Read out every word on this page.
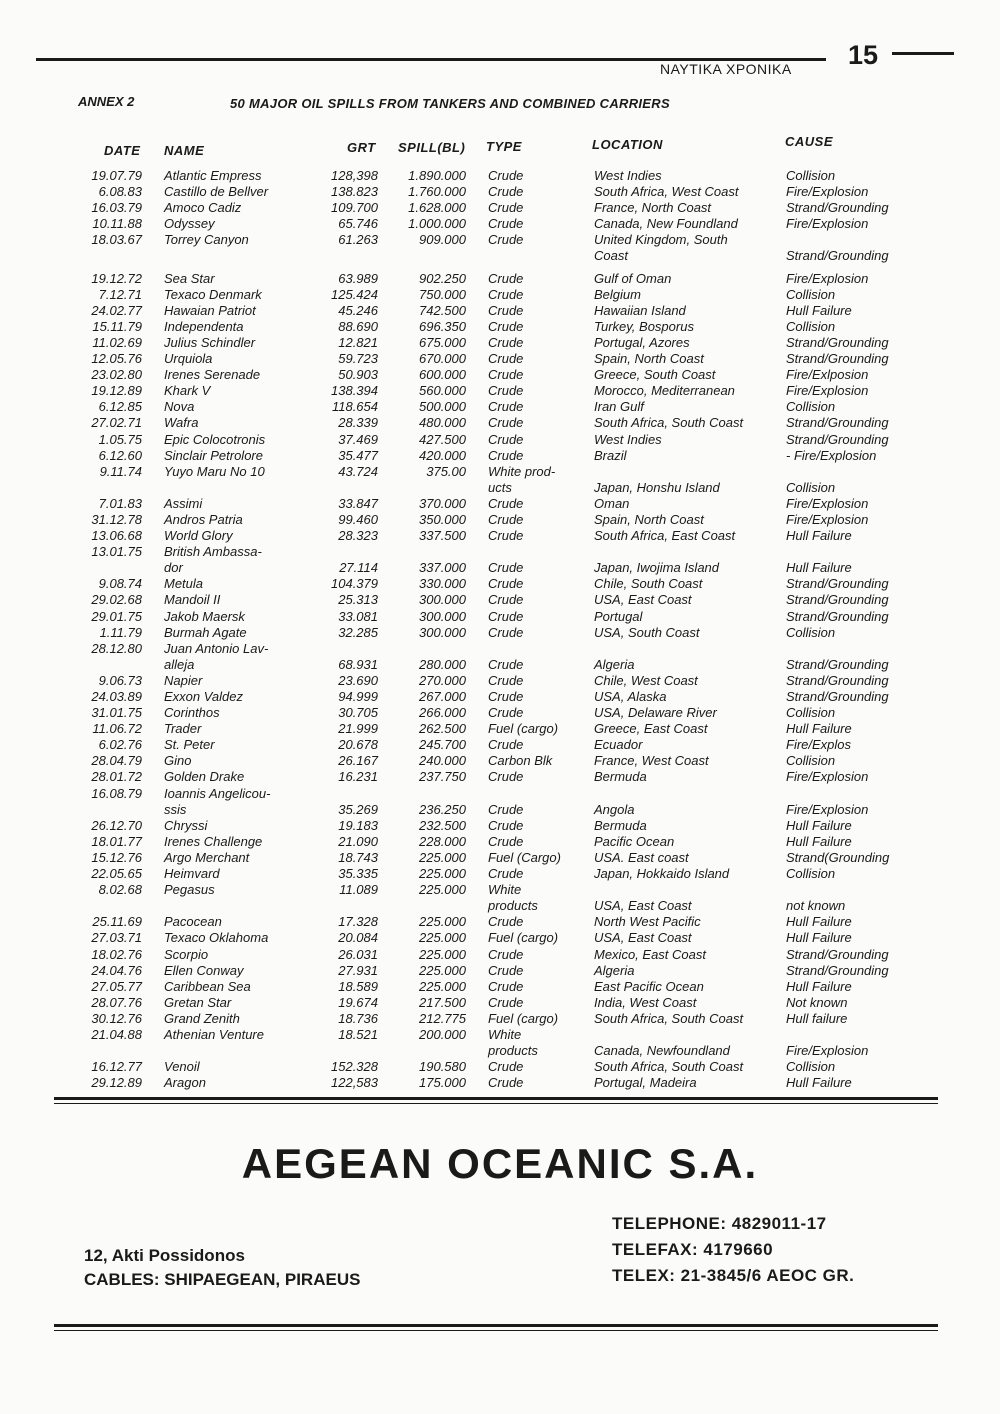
ΝΑΥΤΙΚΑ ΧΡΟΝΙΚΑ 15
ANNEX 2	50 MAJOR OIL SPILLS FROM TANKERS AND COMBINED CARRIERS
DATE NAME	GRT SPILL(BL) TYPE	LOCATION	CAUSE
19.07.79 Atlantic Empress	128,398	1.890.000 Crude	West Indies	Collision
6.08.83 Castillo de Bellver	138.823	1.760.000 Crude	South Africa, West Coast	Fire/Explosion
16.03.79 Amoco Cadiz	109.700	1.628.000 Crude	France, North Coast	Strand/Grounding
10.11.88 Odyssey	65.746	1.000.000 Crude	Canada, New Foundland	Fire/Explosion
18.03.67 Torrey Canyon	61.263	909.000 Crude	United Kingdom, South
Coast	Strand/Grounding
19.12.72 Sea Star	63.989	902.250 Crude	Gulf of Oman	Fire/Explosion
7.12.71 Texaco Denmark	125.424	750.000 Crude	Belgium	Collision
24.02.77 Hawaian Patriot	45.246	742.500 Crude	Hawaiian Island	Hull Failure
15.11.79 Independenta	88.690	696.350 Crude	Turkey, Bosporus	Collision
11.02.69 Julius Schindler	12.821	675.000 Crude	Portugal, Azores	Strand/Grounding
12.05.76 Urquiola	59.723	670.000 Crude	Spain, North Coast	Strand/Grounding
23.02.80 Irenes Serenade	50.903	600.000 Crude	Greece, South Coast	Fire/Exlposion
19.12.89 Khark V	138.394	560.000 Crude	Morocco, Mediterranean	Fire/Explosion
6.12.85 Nova	118.654	500.000 Crude	Iran Gulf	Collision
27.02.71 Wafra	28.339	480.000 Crude	South Africa, South Coast	Strand/Grounding
1.05.75 Epic Colocotronis	37.469	427.500 Crude	West Indies	Strand/Grounding
6.12.60 Sinclair Petrolore	35.477	420.000 Crude	Brazil	- Fire/Explosion
9.11.74 Yuyo Maru No 10	43.724	375.00 White prod-
ucts	Japan, Honshu Island	Collision
7.01.83 Assimi	33.847	370.000 Crude	Oman	Fire/Explosion
31.12.78 Andros Patria	99.460	350.000 Crude	Spain, North Coast	Fire/Explosion
13.06.68 World Glory	28.323	337.500 Crude	South Africa, East Coast	Hull Failure
13.01.75 British Ambassa-
dor	27.114	337.000 Crude	Japan, Iwojima Island	Hull Failure
9.08.74 Metula	104.379	330.000 Crude	Chile, South Coast	Strand/Grounding
29.02.68 Mandoil II	25.313	300.000 Crude	USA, East Coast	Strand/Grounding
29.01.75 Jakob Maersk	33.081	300.000 Crude	Portugal	Strand/Grounding
1.11.79 Burmah Agate	32.285	300.000 Crude	USA, South Coast	Collision
28.12.80 Juan Antonio Lav-
alleja	68.931	280.000 Crude	Algeria	Strand/Grounding
9.06.73 Napier	23.690	270.000 Crude	Chile, West Coast	Strand/Grounding
24.03.89 Exxon Valdez	94.999	267.000 Crude	USA, Alaska	Strand/Grounding
31.01.75 Corinthos	30.705	266.000 Crude	USA, Delaware River	Collision
11.06.72 Trader	21.999	262.500 Fuel (cargo)	Greece, East Coast	Hull Failure
6.02.76 St. Peter	20.678	245.700 Crude	Ecuador	Fire/Explos
28.04.79 Gino	26.167	240.000 Carbon Blk	France, West Coast	Collision
28.01.72 Golden Drake	16.231	237.750 Crude	Bermuda	Fire/Explosion
16.08.79 Ioannis Angelicou-
ssis	35.269	236.250 Crude	Angola	Fire/Explosion
26.12.70 Chryssi	19.183	232.500 Crude	Bermuda	Hull Failure
18.01.77 Irenes Challenge	21.090	228.000 Crude	Pacific Ocean	Hull Failure
15.12.76 Argo Merchant	18.743	225.000 Fuel (Cargo)	USA. East coast	Strand(Grounding
22.05.65 Heimvard	35.335	225.000 Crude	Japan, Hokkaido Island	Collision
8.02.68 Pegasus	11.089	225.000 White
products	USA, East Coast	not known
25.11.69 Pacocean	17.328	225.000 Crude	North West Pacific	Hull Failure
27.03.71 Texaco Oklahoma	20.084	225.000 Fuel (cargo)	USA, East Coast	Hull Failure
18.02.76 Scorpio	26.031	225.000 Crude	Mexico, East Coast	Strand/Grounding
24.04.76 Ellen Conway	27.931	225.000 Crude	Algeria	Strand/Grounding
27.05.77 Caribbean Sea	18.589	225.000 Crude	East Pacific Ocean	Hull Failure
28.07.76 Gretan Star	19.674	217.500 Crude	India, West Coast	Not known
30.12.76 Grand Zenith	18.736	212.775 Fuel (cargo)	South Africa, South Coast	Hull failure
21.04.88 Athenian Venture	18.521	200.000 White
products	Canada, Newfoundland	Fire/Explosion
16.12.77 Venoil	152.328	190.580 Crude	South Africa, South Coast	Collision
29.12.89 Aragon	122,583	175.000 Crude	Portugal, Madeira	Hull Failure
AEGEAN OCEANIC S.A.
12, Akti Possidonos
CABLES: SHIPAEGEAN, PIRAEUS
TELEPHONE: 4829011-17
TELEFAX: 4179660
TELEX: 21-3845/6 AEOC GR.
